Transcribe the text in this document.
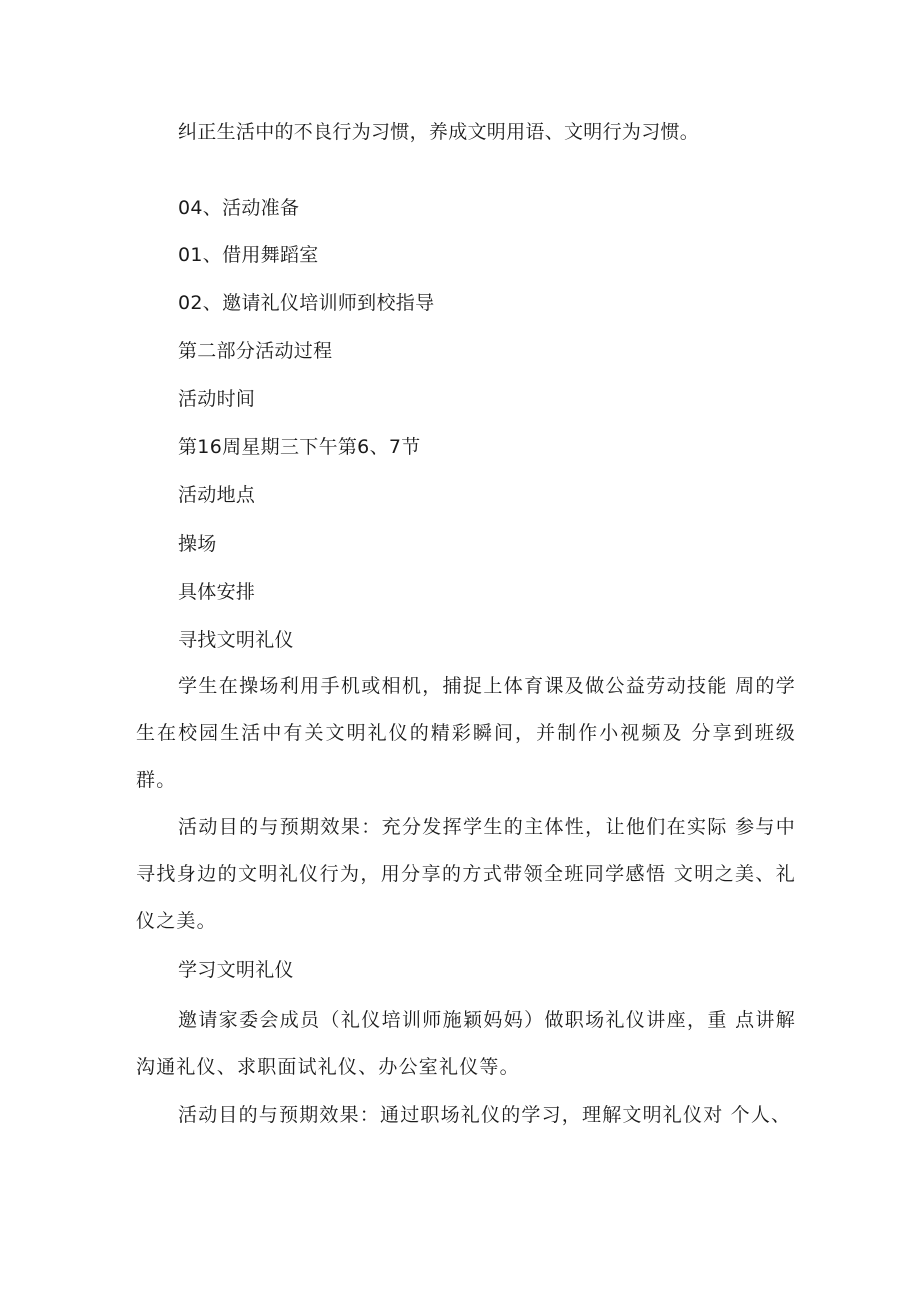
纠正生活中的不良行为习惯，养成文明用语、文明行为习惯。
04、活动准备
01、借用舞蹈室
02、邀请礼仪培训师到校指导
第二部分活动过程
活动时间
第16周星期三下午第6、7节
活动地点
操场
具体安排
寻找文明礼仪
学生在操场利用手机或相机，捕捉上体育课及做公益劳动技能 周的学生在校园生活中有关文明礼仪的精彩瞬间，并制作小视频及 分享到班级群。
活动目的与预期效果：充分发挥学生的主体性，让他们在实际 参与中寻找身边的文明礼仪行为，用分享的方式带领全班同学感悟 文明之美、礼仪之美。
学习文明礼仪
邀请家委会成员（礼仪培训师施颖妈妈）做职场礼仪讲座，重 点讲解沟通礼仪、求职面试礼仪、办公室礼仪等。
活动目的与预期效果：通过职场礼仪的学习，理解文明礼仪对 个人、
